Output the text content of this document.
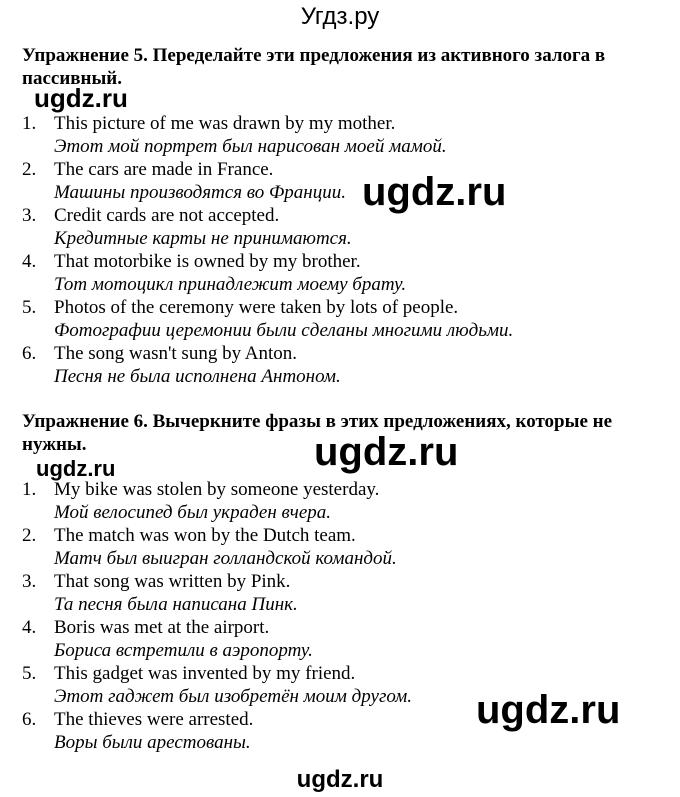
Угдз.ру
Упражнение 5. Переделайте эти предложения из активного залога в пассивный.
ugdz.ru
1. This picture of me was drawn by my mother.
Этот мой портрет был нарисован моей мамой.
2. The cars are made in France.
Машины производятся во Франции.
3. Credit cards are not accepted.
Кредитные карты не принимаются.
4. That motorbike is owned by my brother.
Тот мотоцикл принадлежит моему брату.
5. Photos of the ceremony were taken by lots of people.
Фотографии церемонии были сделаны многими людьми.
6. The song wasn't sung by Anton.
Песня не была исполнена Антоном.
ugdz.ru
Упражнение 6. Вычеркните фразы в этих предложениях, которые не нужны.	ugdz.ru
ugdz.ru
1. My bike was stolen by someone yesterday.
Мой велосипед был украден вчера.
2. The match was won by the Dutch team.
Матч был выигран голландской командой.
3. That song was written by Pink.
Та песня была написана Пинк.
4. Boris was met at the airport.
Бориса встретили в аэропорту.
5. This gadget was invented by my friend.
Этот гаджет был изобретён моим другом.
6. The thieves were arrested.
Воры были арестованы.
ugdz.ru
ugdz.ru
